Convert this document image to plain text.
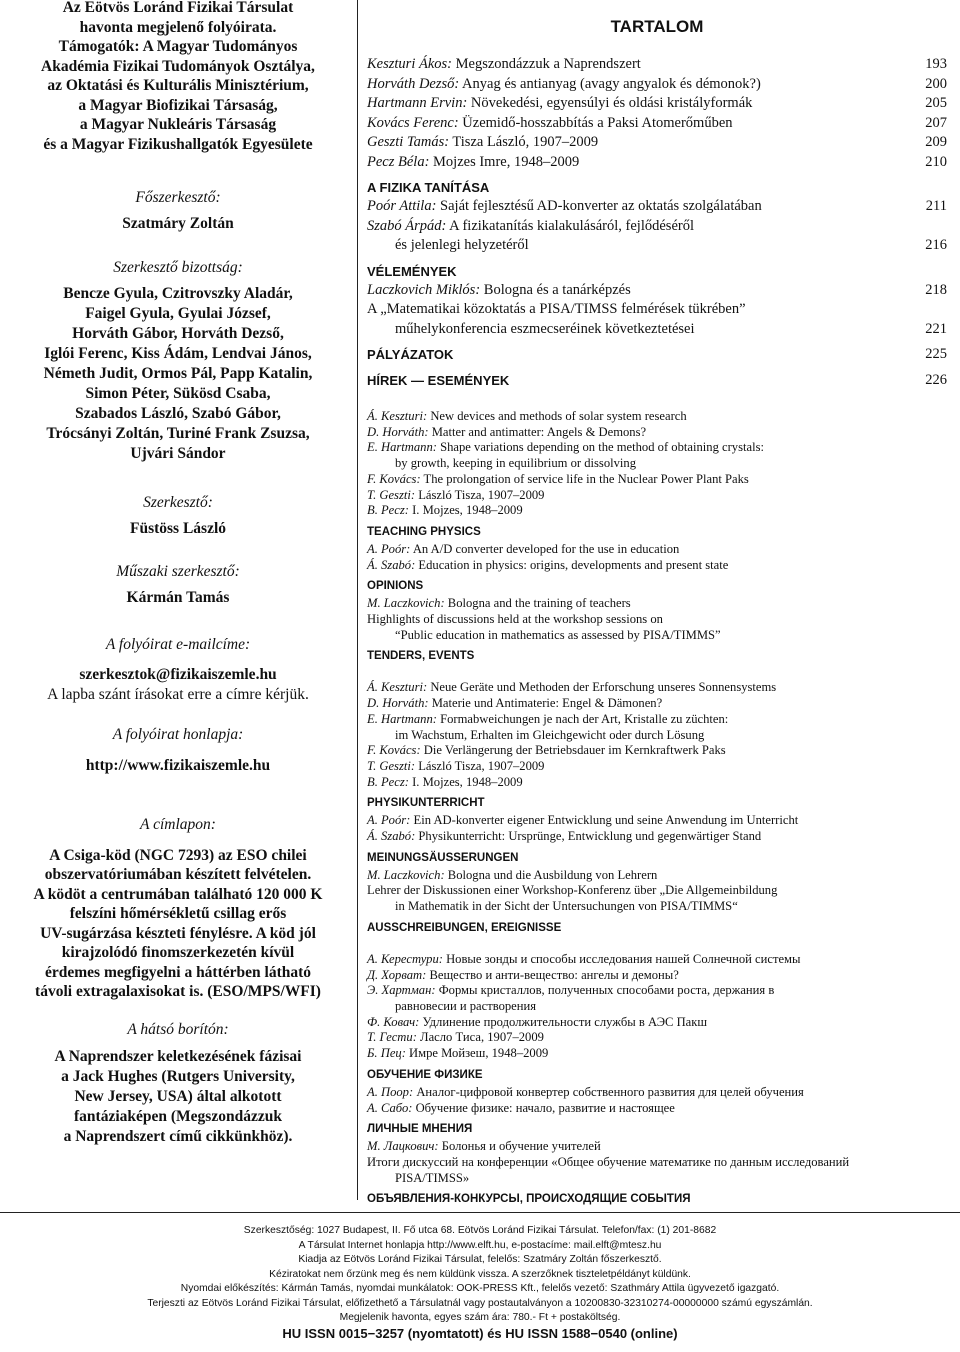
Az Eötvös Loránd Fizikai Társulat
havonta megjelenő folyóirata.
Támogatók: A Magyar Tudományos
Akadémia Fizikai Tudományok Osztálya,
az Oktatási és Kulturális Minisztérium,
a Magyar Biofizikai Társaság,
a Magyar Nukleáris Társaság
és a Magyar Fizikushallgatók Egyesülete
Főszerkesztő:
Szatmáry Zoltán
Szerkesztő bizottság:
Bencze Gyula, Czitrovszky Aladár,
Faigel Gyula, Gyulai József,
Horváth Gábor, Horváth Dezső,
Iglói Ferenc, Kiss Ádám, Lendvai János,
Németh Judit, Ormos Pál, Papp Katalin,
Simon Péter, Sükösd Csaba,
Szabados László, Szabó Gábor,
Trócsányi Zoltán, Turiné Frank Zsuzsa,
Ujvári Sándor
Szerkesztő:
Füstöss László
Műszaki szerkesztő:
Kármán Tamás
A folyóirat e-mailcíme:
szerkesztok@fizikaiszemle.hu
A lapba szánt írásokat erre a címre kérjük.
A folyóirat honlapja:
http://www.fizikaiszemle.hu
A címlapon:
A Csiga-köd (NGC 7293) az ESO chilei
obszervatóriumában készített felvételen.
A ködöt a centrumában található 120 000 K
felszíni hőmérsékletű csillag erős
UV-sugárzása készteti fénylésre. A köd jól
kirajzolódó finomszerkezetén kívül
érdemes megfigyelni a háttérben látható
távoli extragalaxisokat is. (ESO/MPS/WFI)
A hátsó borítón:
A Naprendszer keletkezésének fázisai
a Jack Hughes (Rutgers University,
New Jersey, USA) által alkotott
fantáziaképen (Megszondázzuk
a Naprendszert című cikkünkhöz).
TARTALOM
Keszturi Ákos: Megszondázzuk a Naprendszert	193
Horváth Dezső: Anyag és antianyag (avagy angyalok és démonok?)	200
Hartmann Ervin: Növekedési, egyensúlyi és oldási kristályformák	205
Kovács Ferenc: Üzemidő-hosszabbítás a Paksi Atomerőműben	207
Geszti Tamás: Tisza László, 1907–2009	209
Pecz Béla: Mojzes Imre, 1948–2009	210
A FIZIKA TANÍTÁSA
Poór Attila: Saját fejlesztésű AD-konverter az oktatás szolgálatában	211
Szabó Árpád: A fizikatanítás kialakulásáról, fejlődéséről
és jelenlegi helyzetéről	216
VÉLEMÉNYEK
Laczkovich Miklós: Bologna és a tanárképzés	218
A „Matematikai közoktatás a PISA/TIMSS felmérések tükrében”
műhelykonferencia eszmecseréinek következtetései	221
PÁLYÁZATOK	225
HÍREK — ESEMÉNYEK	226
Á. Keszturi: New devices and methods of solar system research
D. Horváth: Matter and antimatter: Angels & Demons?
E. Hartmann: Shape variations depending on the method of obtaining crystals:
by growth, keeping in equilibrium or dissolving
F. Kovács: The prolongation of service life in the Nuclear Power Plant Paks
T. Geszti: László Tisza, 1907–2009
B. Pecz: I. Mojzes, 1948–2009
TEACHING PHYSICS
A. Poór: An A/D converter developed for the use in education
Á. Szabó: Education in physics: origins, developments and present state
OPINIONS
M. Laczkovich: Bologna and the training of teachers
Highlights of discussions held at the workshop sessions on
“Public education in mathematics as assessed by PISA/TIMMS”
TENDERS, EVENTS
Á. Keszturi: Neue Geräte und Methoden der Erforschung unseres Sonnensystems
D. Horváth: Materie und Antimaterie: Engel & Dämonen?
E. Hartmann: Formabweichungen je nach der Art, Kristalle zu züchten:
im Wachstum, Erhalten im Gleichgewicht oder durch Lösung
F. Kovács: Die Verlängerung der Betriebsdauer im Kernkraftwerk Paks
T. Geszti: László Tisza, 1907–2009
B. Pecz: I. Mojzes, 1948–2009
PHYSIKUNTERRICHT
A. Poór: Ein AD-konverter eigener Entwicklung und seine Anwendung im Unterricht
Á. Szabó: Physikunterricht: Ursprünge, Entwicklung und gegenwärtiger Stand
MEINUNGSÄUSSERUNGEN
M. Laczkovich: Bologna und die Ausbildung von Lehrern
Lehrer der Diskussionen einer Workshop-Konferenz über „Die Allgemeinbildung
in Mathematik in der Sicht der Untersuchungen von PISA/TIMMS“
AUSSCHREIBUNGEN, EREIGNISSE
А. Керестури: Новые зонды и способы исследования нашей Солнечной системы
Д. Хорват: Вещество и анти-вещество: ангелы и демоны?
Э. Хартман: Формы кристаллов, полученных способами роста, держания в
равновесии и растворения
Ф. Ковач: Удлинение продолжительности службы в АЭС Пакш
Т. Гести: Ласло Тиса, 1907–2009
Б. Пец: Имре Мойзеш, 1948–2009
ОБУЧЕНИЕ ФИЗИКЕ
А. Поор: Аналог-цифровой конвертер собственного развития для целей обучения
А. Сабо: Обучение физике: начало, развитие и настоящее
ЛИЧНЫЕ МНЕНИЯ
М. Лацкович: Болонья и обучение учителей
Итоги дискуссий на конференции «Общее обучение математике по данным исследований
PISA/TIMSS»
ОБЪЯВЛЕНИЯ-КОНКУРСЫ, ПРОИСХОДЯЩИЕ СОБЫТИЯ
Szerkesztőség: 1027 Budapest, II. Fő utca 68. Eötvös Loránd Fizikai Társulat. Telefon/fax: (1) 201-8682
A Társulat Internet honlapja http://www.elft.hu, e-postacíme: mail.elft@mtesz.hu
Kiadja az Eötvös Loránd Fizikai Társulat, felelős: Szatmáry Zoltán főszerkesztő.
Kéziratokat nem őrzünk meg és nem küldünk vissza. A szerzőknek tiszteletpéldányt küldünk.
Nyomdai előkészítés: Kármán Tamás, nyomdai munkálatok: OOK-PRESS Kft., felelős vezető: Szathmáry Attila ügyvezető igazgató.
Terjeszti az Eötvös Loránd Fizikai Társulat, előfizethető a Társulatnál vagy postautalványon a 10200830-32310274-00000000 számú egyszámlán.
Megjelenik havonta, egyes szám ára: 780.- Ft + postaköltség.
HU ISSN 0015−3257 (nyomtatott) és HU ISSN 1588−0540 (online)
